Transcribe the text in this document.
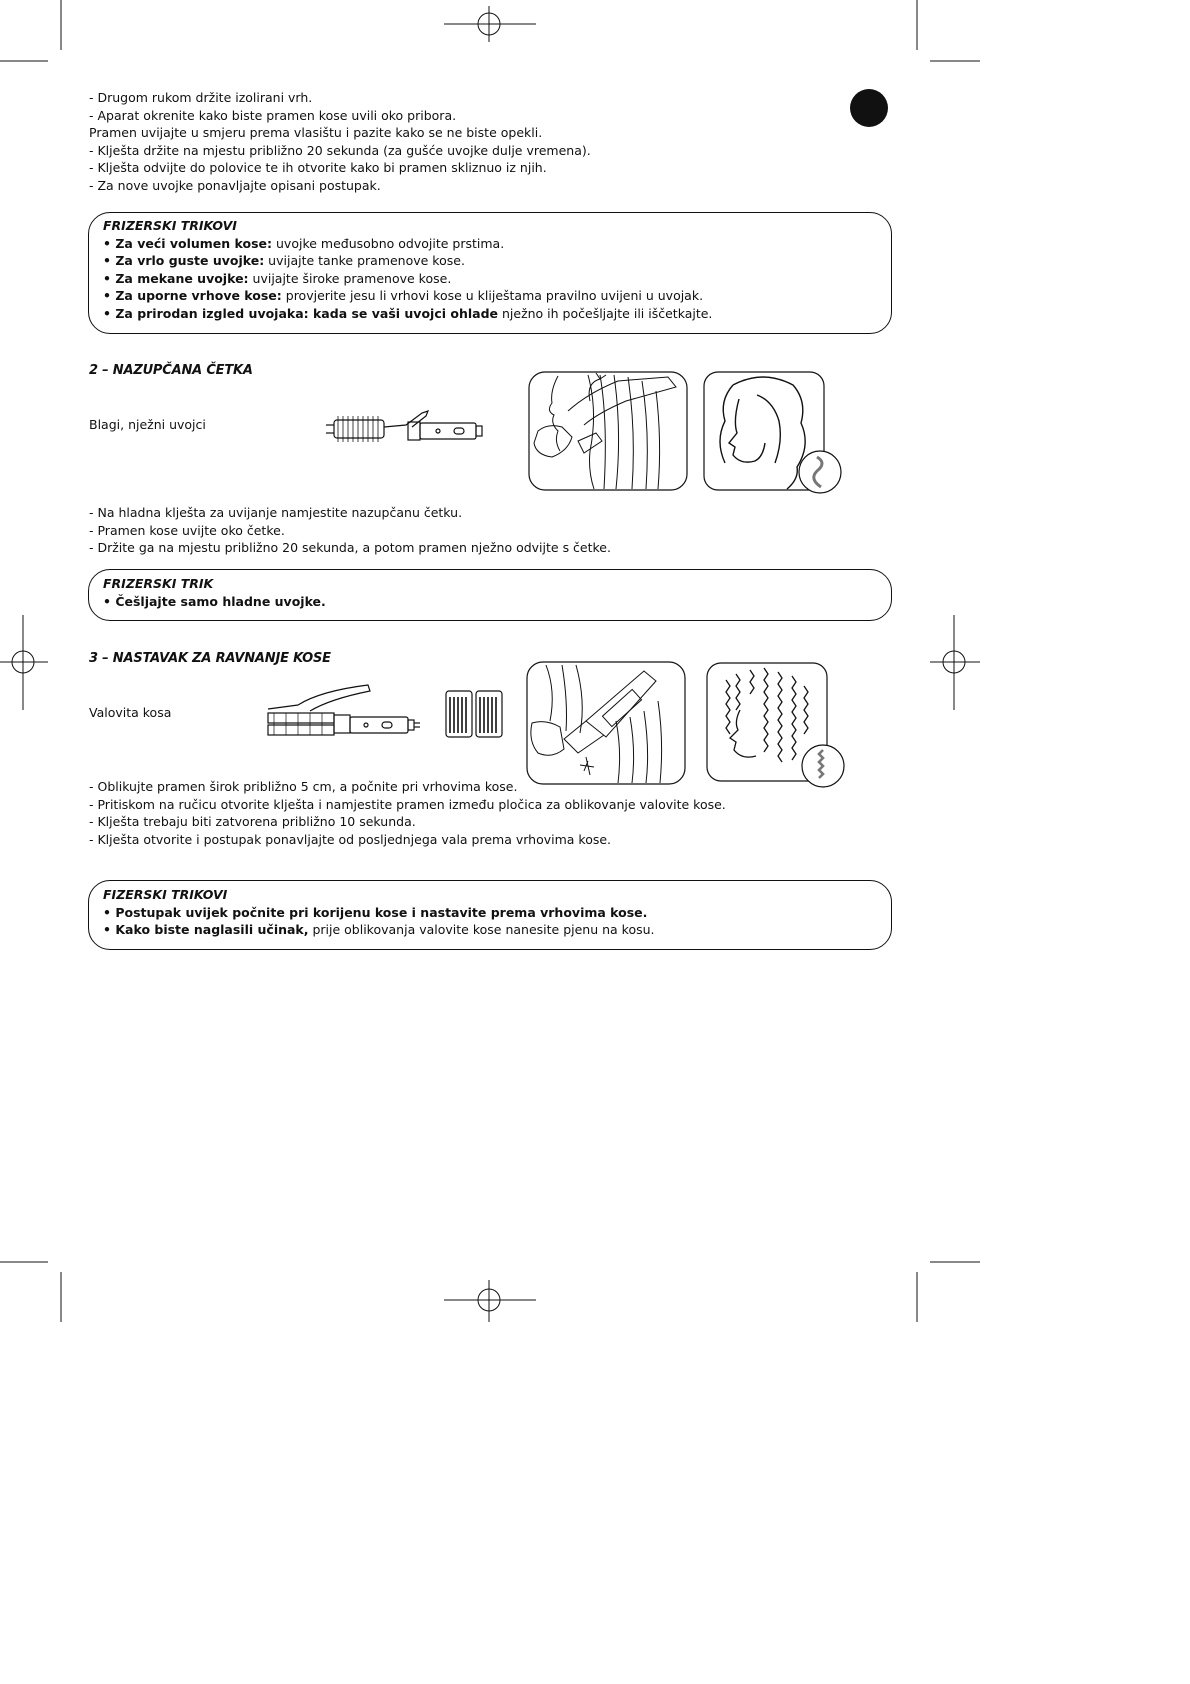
- Drugom rukom držite izolirani vrh.
- Aparat okrenite kako biste pramen kose uvili oko pribora.
Pramen uvijajte u smjeru prema vlasištu i pazite kako se ne biste opekli.
- Klješta držite na mjestu približno 20 sekunda (za gušće uvojke dulje vremena).
- Klješta odvijte do polovice te ih otvorite kako bi pramen skliznuo iz njih.
- Za nove uvojke ponavljajte opisani postupak.
FRIZERSKI TRIKOVI
• Za veći volumen kose: uvojke međusobno odvojite prstima.
• Za vrlo guste uvojke: uvijajte tanke pramenove kose.
• Za mekane uvojke: uvijajte široke pramenove kose.
• Za uporne vrhove kose: provjerite jesu li vrhovi kose u kliještama pravilno uvijeni u uvojak.
• Za prirodan izgled uvojaka: kada se vaši uvojci ohlade nježno ih počešljajte ili iščetkajte.
2 – NAZUPČANA ČETKA
Blagi, nježni uvojci
- Na hladna klješta za uvijanje namjestite nazupčanu četku.
- Pramen kose uvijte oko četke.
- Držite ga na mjestu približno 20 sekunda, a potom pramen nježno odvijte s četke.
FRIZERSKI TRIK
• Češljajte samo hladne uvojke.
3 – NASTAVAK ZA RAVNANJE KOSE
Valovita kosa
- Oblikujte pramen širok približno 5 cm, a počnite pri vrhovima kose.
- Pritiskom na ručicu otvorite klješta i namjestite pramen između pločica za oblikovanje valovite kose.
- Klješta trebaju biti zatvorena približno 10 sekunda.
- Klješta otvorite i postupak ponavljajte od posljednjega vala prema vrhovima kose.
FIZERSKI TRIKOVI
• Postupak uvijek počnite pri korijenu kose i nastavite prema vrhovima kose.
• Kako biste naglasili učinak, prije oblikovanja valovite kose nanesite pjenu na kosu.
